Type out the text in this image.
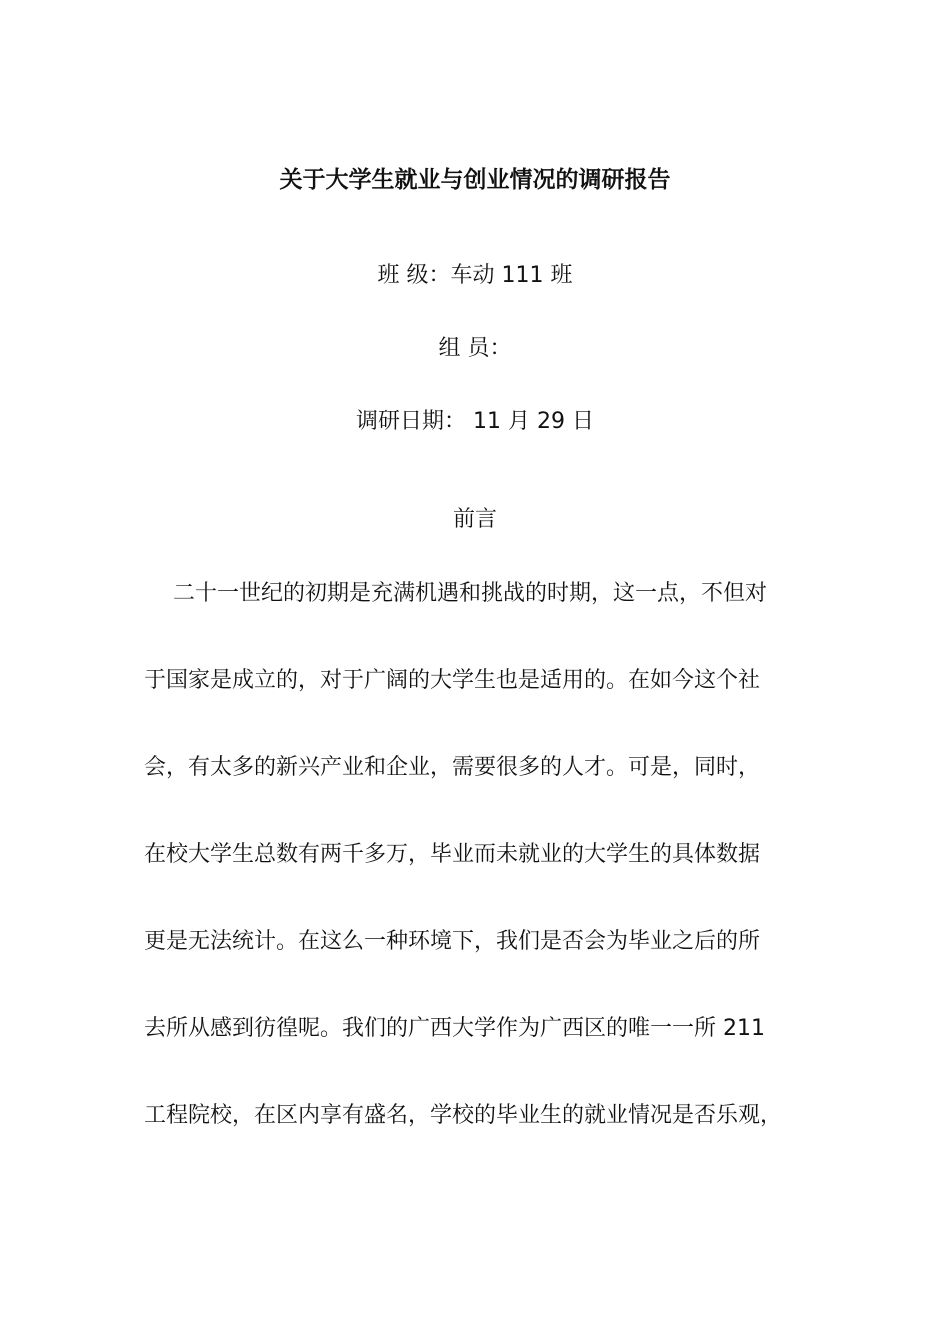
关于大学生就业与创业情况的调研报告
班 级：车动 111 班
组 员：
调研日期： 11 月 29 日
前言
二十一世纪的初期是充满机遇和挑战的时期，这一点，不但对
于国家是成立的，对于广阔的大学生也是适用的。在如今这个社
会，有太多的新兴产业和企业，需要很多的人才。可是，同时，
在校大学生总数有两千多万，毕业而未就业的大学生的具体数据
更是无法统计。在这么一种环境下，我们是否会为毕业之后的所
去所从感到彷徨呢。我们的广西大学作为广西区的唯一一所 211
工程院校，在区内享有盛名，学校的毕业生的就业情况是否乐观，
